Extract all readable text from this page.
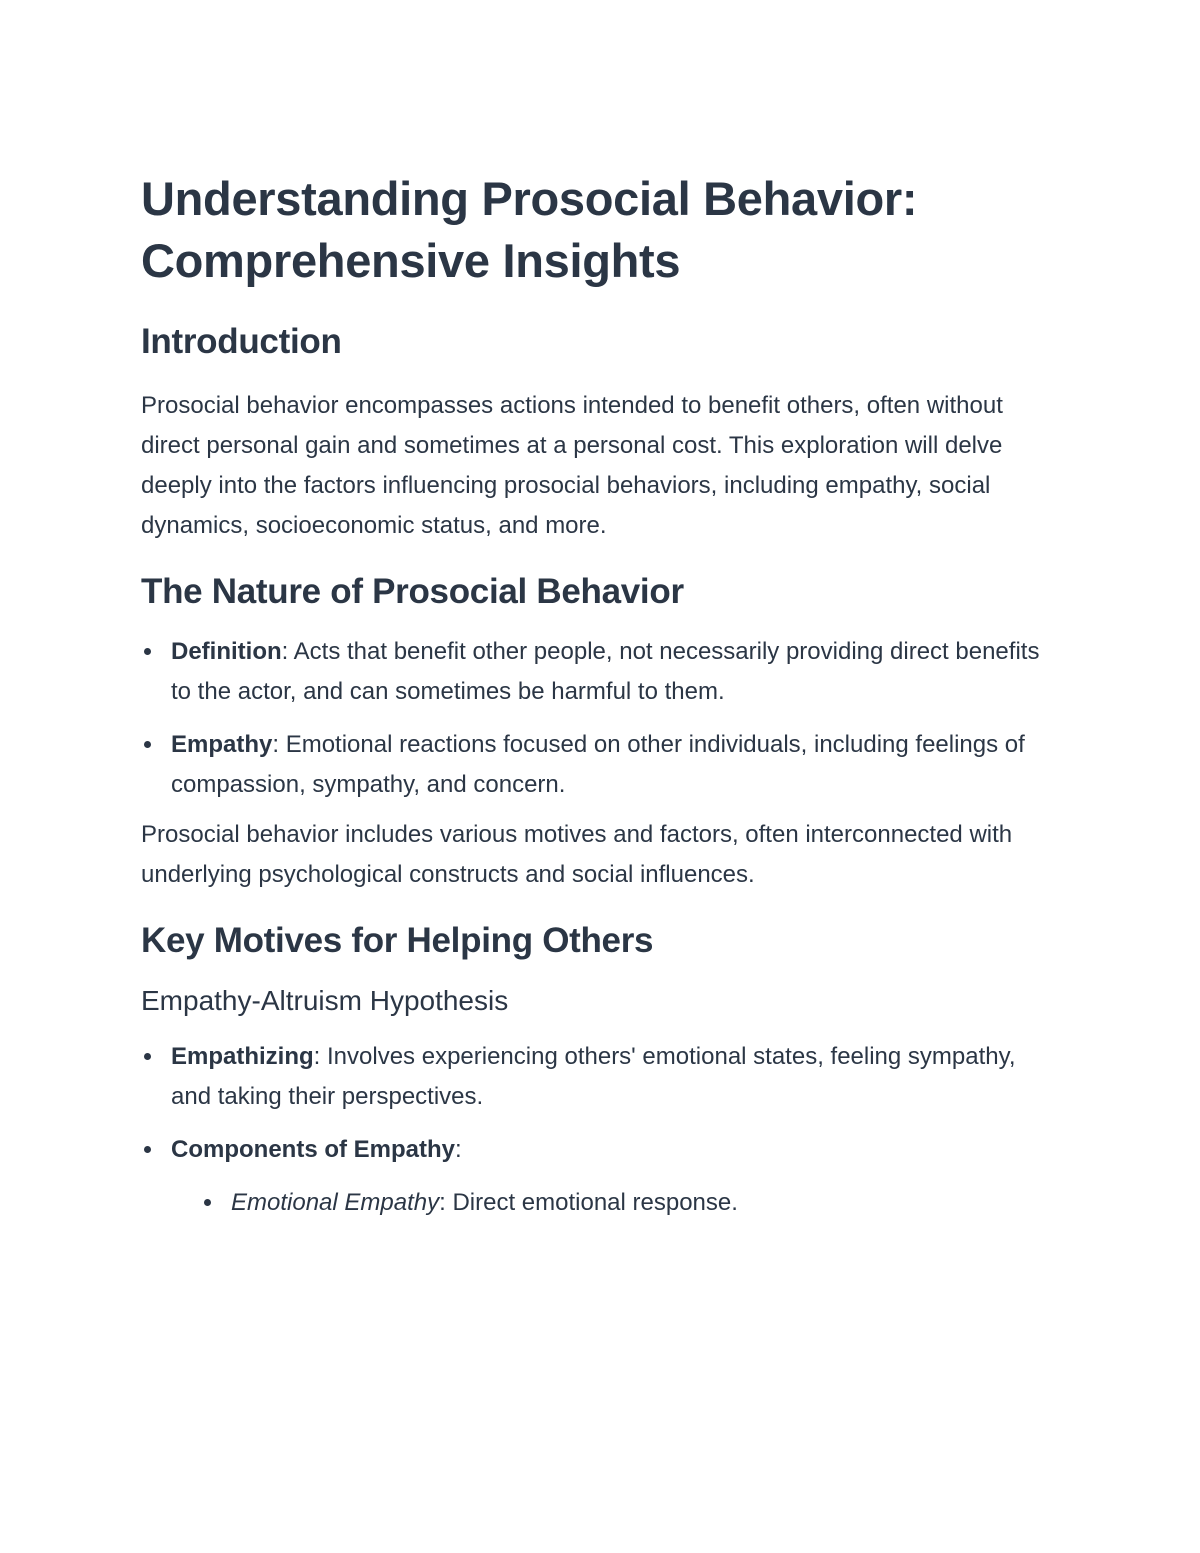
Understanding Prosocial Behavior: Comprehensive Insights
Introduction

Prosocial behavior encompasses actions intended to benefit others, often without direct personal gain and sometimes at a personal cost. This exploration will delve deeply into the factors influencing prosocial behaviors, including empathy, social dynamics, socioeconomic status, and more.

The Nature of Prosocial Behavior
Definition: Acts that benefit other people, not necessarily providing direct benefits to the actor, and can sometimes be harmful to them.
Empathy: Emotional reactions focused on other individuals, including feelings of compassion, sympathy, and concern.

Prosocial behavior includes various motives and factors, often interconnected with underlying psychological constructs and social influences.

Key Motives for Helping Others
Empathy-Altruism Hypothesis
Empathizing: Involves experiencing others' emotional states, feeling sympathy, and taking their perspectives.
Components of Empathy:
Emotional Empathy: Direct emotional response.
